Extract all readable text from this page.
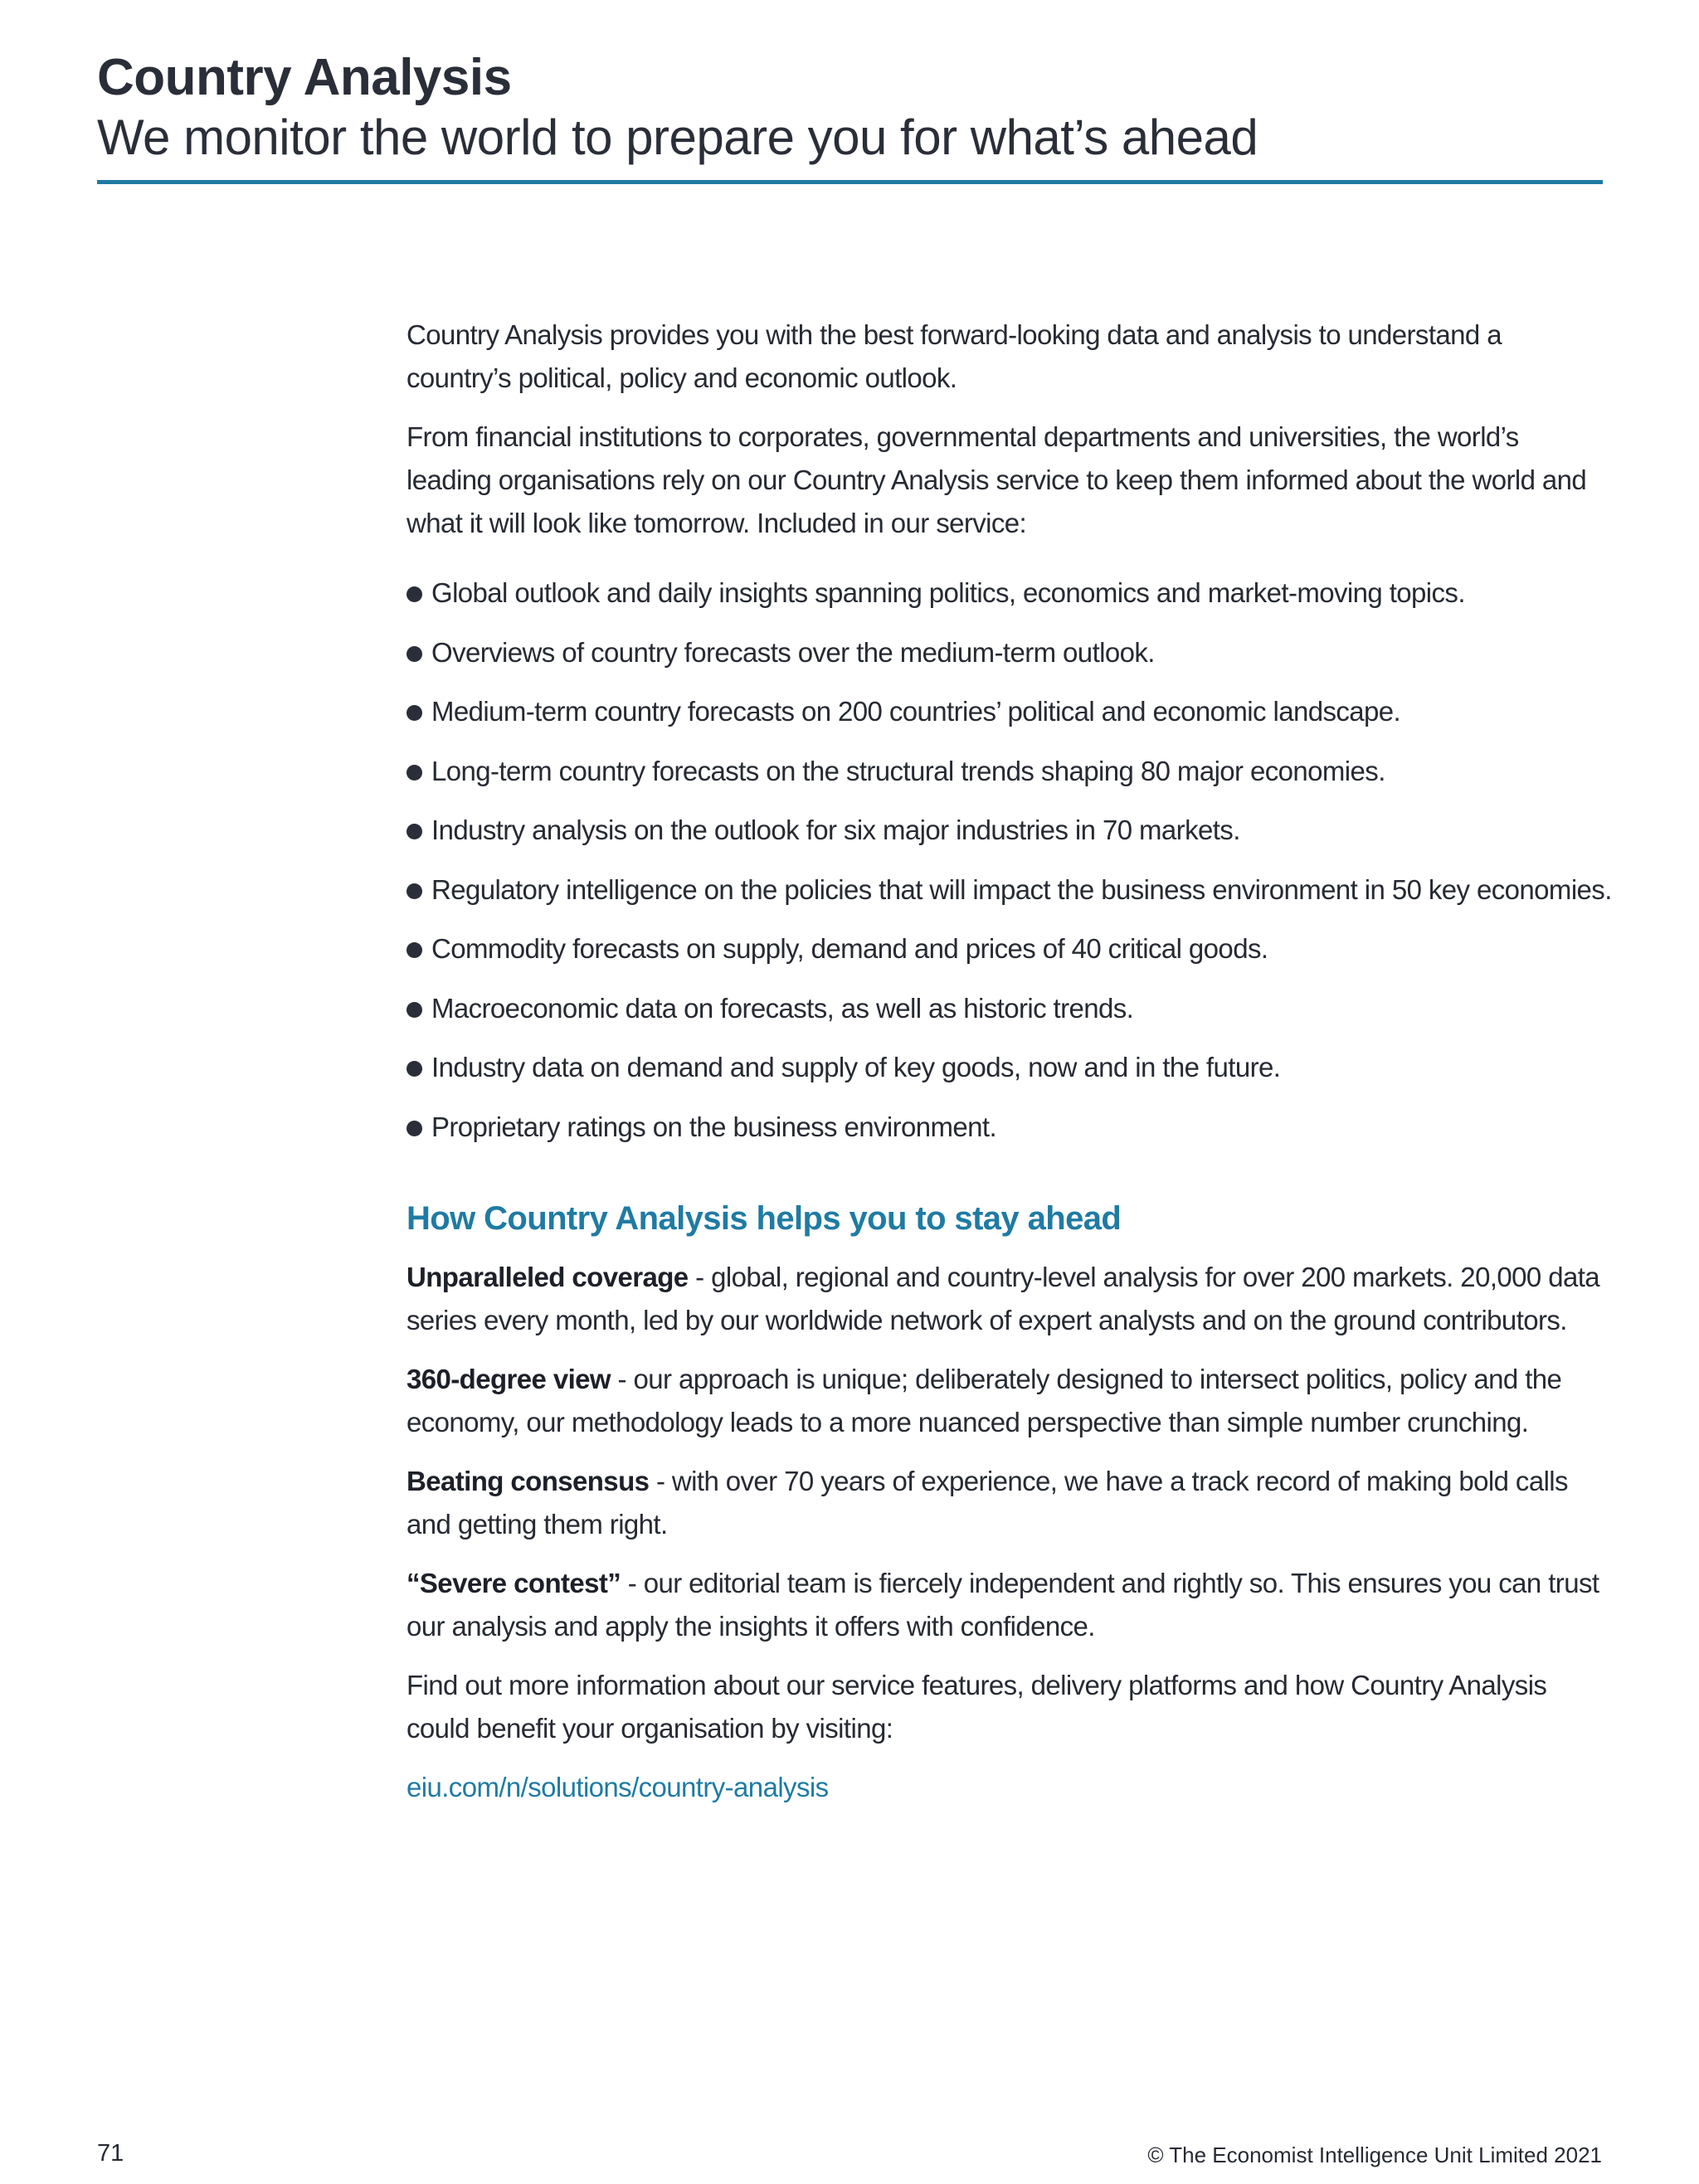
Country Analysis
We monitor the world to prepare you for what’s ahead

Country Analysis provides you with the best forward-looking data and analysis to understand a country’s political, policy and economic outlook.

From financial institutions to corporates, governmental departments and universities, the world’s leading organisations rely on our Country Analysis service to keep them informed about the world and what it will look like tomorrow. Included in our service:

Global outlook and daily insights spanning politics, economics and market-moving topics.
Overviews of country forecasts over the medium-term outlook.
Medium-term country forecasts on 200 countries’ political and economic landscape.
Long-term country forecasts on the structural trends shaping 80 major economies.
Industry analysis on the outlook for six major industries in 70 markets.
Regulatory intelligence on the policies that will impact the business environment in 50 key economies.
Commodity forecasts on supply, demand and prices of 40 critical goods.
Macroeconomic data on forecasts, as well as historic trends.
Industry data on demand and supply of key goods, now and in the future.
Proprietary ratings on the business environment.
How Country Analysis helps you to stay ahead

Unparalleled coverage - global, regional and country-level analysis for over 200 markets. 20,000 data series every month, led by our worldwide network of expert analysts and on the ground contributors.

360-degree view - our approach is unique; deliberately designed to intersect politics, policy and the economy, our methodology leads to a more nuanced perspective than simple number crunching.

Beating consensus - with over 70 years of experience, we have a track record of making bold calls and getting them right.

“Severe contest” - our editorial team is fiercely independent and rightly so. This ensures you can trust our analysis and apply the insights it offers with confidence.

Find out more information about our service features, delivery platforms and how Country Analysis could benefit your organisation by visiting:

eiu.com/n/solutions/country-analysis

71	© The Economist Intelligence Unit Limited 2021
